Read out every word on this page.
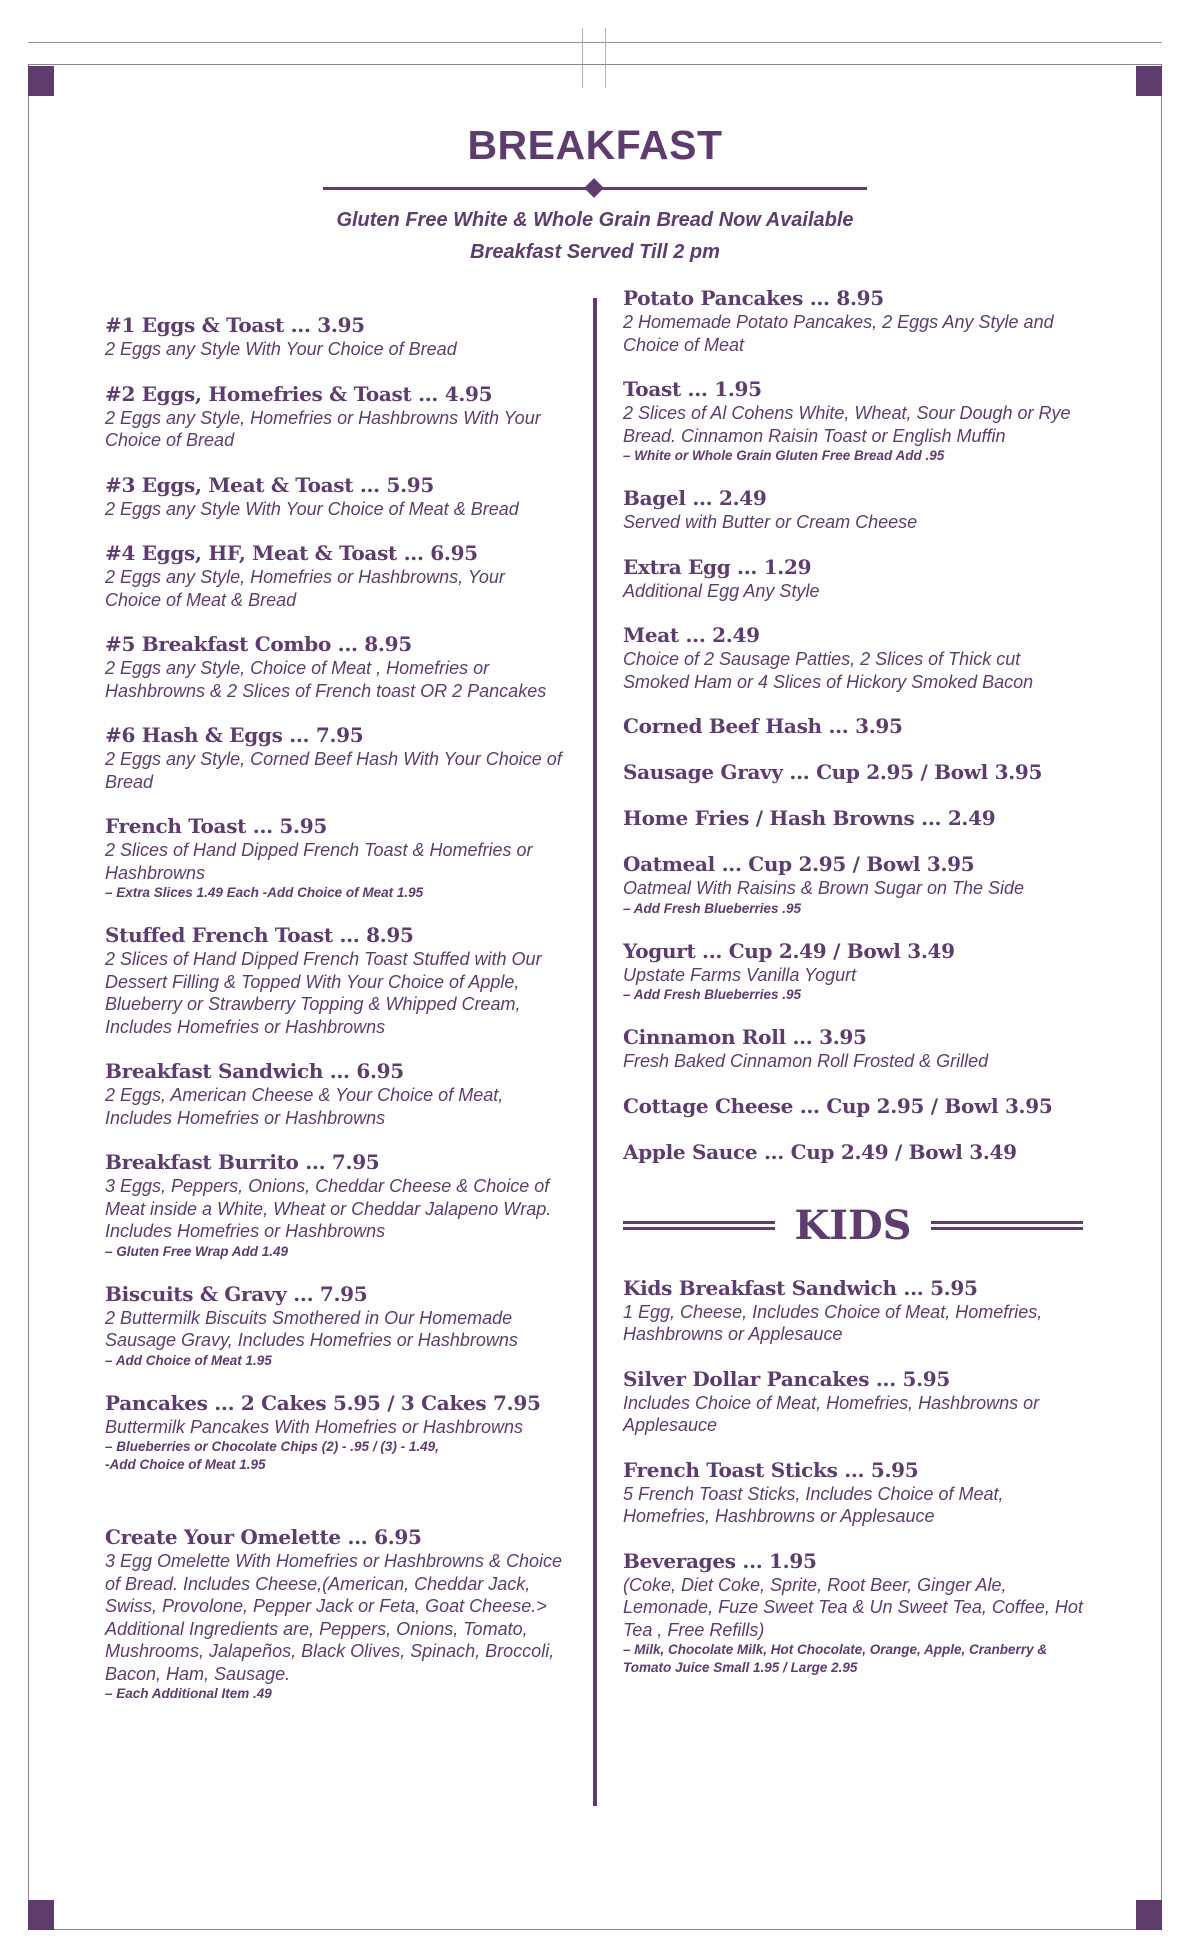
BREAKFAST
Gluten Free White & Whole Grain Bread Now Available
Breakfast Served Till 2 pm
#1 Eggs & Toast ... 3.95
2 Eggs any Style With Your Choice of Bread
#2 Eggs, Homefries & Toast ... 4.95
2 Eggs any Style, Homefries or Hashbrowns With Your Choice of Bread
#3 Eggs, Meat & Toast ... 5.95
2 Eggs any Style With Your Choice of Meat & Bread
#4 Eggs, HF, Meat & Toast ... 6.95
2 Eggs any Style, Homefries or Hashbrowns, Your Choice of Meat & Bread
#5 Breakfast Combo ... 8.95
2 Eggs any Style, Choice of Meat , Homefries or Hashbrowns & 2 Slices of French toast OR 2 Pancakes
#6 Hash & Eggs ... 7.95
2 Eggs any Style, Corned Beef Hash With Your Choice of Bread
French Toast ... 5.95
2 Slices of Hand Dipped French Toast & Homefries or Hashbrowns
– Extra Slices 1.49 Each -Add Choice of Meat 1.95
Stuffed French Toast ... 8.95
2 Slices of Hand Dipped French Toast Stuffed with Our Dessert Filling & Topped With Your Choice of Apple, Blueberry or Strawberry Topping & Whipped Cream, Includes Homefries or Hashbrowns
Breakfast Sandwich ... 6.95
2 Eggs, American Cheese & Your Choice of Meat, Includes Homefries or Hashbrowns
Breakfast Burrito ... 7.95
3 Eggs, Peppers, Onions, Cheddar Cheese & Choice of Meat inside a White, Wheat or Cheddar Jalapeno Wrap. Includes Homefries or Hashbrowns
– Gluten Free Wrap Add 1.49
Biscuits & Gravy ... 7.95
2 Buttermilk Biscuits Smothered in Our Homemade Sausage Gravy, Includes Homefries or Hashbrowns
– Add Choice of Meat 1.95
Pancakes ... 2 Cakes 5.95 / 3 Cakes 7.95
Buttermilk Pancakes With Homefries or Hashbrowns
– Blueberries or Chocolate Chips (2) - .95 / (3) - 1.49,
-Add Choice of Meat 1.95
Create Your Omelette ... 6.95
3 Egg Omelette With Homefries or Hashbrowns & Choice of Bread. Includes Cheese,(American, Cheddar Jack, Swiss, Provolone, Pepper Jack or Feta, Goat Cheese.> Additional Ingredients are, Peppers, Onions, Tomato, Mushrooms, Jalapeños, Black Olives, Spinach, Broccoli, Bacon, Ham, Sausage.
– Each Additional Item .49
Potato Pancakes ... 8.95
2 Homemade Potato Pancakes, 2 Eggs Any Style and Choice of Meat
Toast ... 1.95
2 Slices of Al Cohens White, Wheat, Sour Dough or Rye Bread. Cinnamon Raisin Toast or English Muffin
– White or Whole Grain Gluten Free Bread Add .95
Bagel ... 2.49
Served with Butter or Cream Cheese
Extra Egg ... 1.29
Additional Egg Any Style
Meat ... 2.49
Choice of 2 Sausage Patties, 2 Slices of Thick cut Smoked Ham or 4 Slices of Hickory Smoked Bacon
Corned Beef Hash ... 3.95
Sausage Gravy ... Cup 2.95 / Bowl 3.95
Home Fries / Hash Browns ... 2.49
Oatmeal ... Cup 2.95 / Bowl 3.95
Oatmeal With Raisins & Brown Sugar on The Side
– Add Fresh Blueberries .95
Yogurt ... Cup 2.49 / Bowl 3.49
Upstate Farms Vanilla Yogurt
– Add Fresh Blueberries .95
Cinnamon Roll ... 3.95
Fresh Baked Cinnamon Roll Frosted & Grilled
Cottage Cheese ... Cup 2.95 / Bowl 3.95
Apple Sauce ... Cup 2.49 / Bowl 3.49
KIDS
Kids Breakfast Sandwich ... 5.95
1 Egg, Cheese, Includes Choice of Meat, Homefries, Hashbrowns or Applesauce
Silver Dollar Pancakes ... 5.95
Includes Choice of Meat, Homefries, Hashbrowns or Applesauce
French Toast Sticks ... 5.95
5 French Toast Sticks, Includes Choice of Meat, Homefries, Hashbrowns or Applesauce
Beverages ... 1.95
(Coke, Diet Coke, Sprite, Root Beer, Ginger Ale, Lemonade, Fuze Sweet Tea & Un Sweet Tea, Coffee, Hot Tea , Free Refills)
– Milk, Chocolate Milk, Hot Chocolate, Orange, Apple, Cranberry & Tomato Juice Small 1.95 / Large 2.95
